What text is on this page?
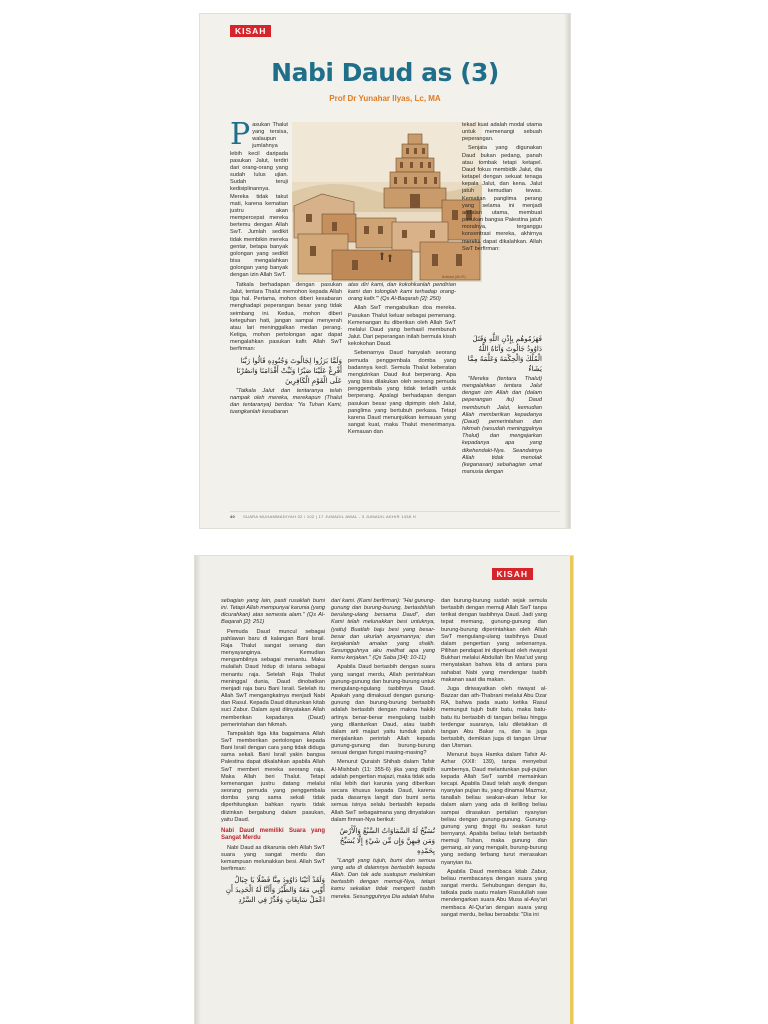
KISAH
Nabi Daud as (3)
Prof Dr Yunahar Ilyas, Lc, MA
ilustrasi (Ah.Ft)

Pasukan Thalut yang tersisa, walaupun jumlahnya lebih kecil daripada pasukan Jalut, terdiri dari orang-orang yang sudah lulus ujian. Sudah teruji kedisiplinannya. Mereka tidak takut mati, karena kematian justru akan mempercepat mereka bertemu dengan Allah SwT. Jumlah sedikit tidak membikin mereka gentar, betapa banyak golongan yang sedikit bisa mengalahkan golongan yang banyak dengan izin Allah SwT.

Tatkala berhadapan dengan pasukan Jalut, tentara Thalut memohon kepada Allah tiga hal. Pertama, mohon diberi kesabaran menghadapi peperangan besar yang tidak seimbang ini. Kedua, mohon diberi keteguhan hati, jangan sampai menyerah atau lari meninggalkan medan perang. Ketiga, mohon pertolongan agar dapat mengalahkan pasukan kafir. Allah SwT berfirman:

وَلَمَّا بَرَزُوا لِجَالُوتَ وَجُنُودِهِ قَالُوا رَبَّنَا أَفْرِغْ عَلَيْنَا صَبْرًا وَثَبِّتْ أَقْدَامَنَا وَانصُرْنَا عَلَى الْقَوْمِ الْكَافِرِينَ

"Tatkala Jalut dan tentaranya telah nampak oleh mereka, merekapun (Thalut dan tentaranya) berdoa: 'Ya Tuhan Kami, tuangkanlah kesabaran

atas diri kami, dan kokohkanlah pendirian kami dan tolonglah kami terhadap orang-orang kafir.'" (Qs Al-Baqarah [2]: 250)

Allah SwT mengabulkan doa mereka. Pasukan Thalut keluar sebagai pemenang. Kemenangan itu diberikan oleh Allah SwT melalui Daud yang berhasil membunuh Jalut. Dari peperangan inilah bermula kisah kekokohan Daud.

Sebenarnya Daud hanyalah seorang pemuda penggembala domba yang badannya kecil. Semula Thalut keberatan mengizinkan Daud ikut berperang. Apa yang bisa dilakukan oleh seorang pemuda penggembala yang tidak terlatih untuk berperang. Apalagi berhadapan dengan pasukan besar yang dipimpin oleh Jalut, panglima yang bertubuh perkasa. Tetapi karena Daud menunjukkan kemauan yang sangat kuat, maka Thalut menerimanya. Kemauan dan

tekad kuat adalah modal utama untuk memenangi sebuah peperangan.

Senjata yang digunakan Daud bukan pedang, panah atau tombak tetapi ketapel. Daud fokus membidik Jalut, dia ketapel dengan sekuat tenaga kepala Jalut, dan kena. Jalut jatuh kemudian tewas. Kematian panglima perang yang selama ini menjadi andalan utama, membuat pasukan bangsa Palestina jatuh moralnya, terganggu konsentrasi mereka, akhirnya mereka dapat dikalahkan. Allah SwT berfirman:

فَهَزَمُوهُم بِإِذْنِ اللَّهِ وَقَتَلَ دَاوُودُ جَالُوتَ وَآتَاهُ اللَّهُ الْمُلْكَ وَالْحِكْمَةَ وَعَلَّمَهُ مِمَّا يَشَاءُ

"Mereka (tentara Thalut) mengalahkan tentara Jalut dengan izin Allah dan (dalam peperangan itu) Daud membunuh Jalut, kemudian Allah memberikan kepadanya (Daud) pemerintahan dan hikmah (sesudah meninggalnya Thalut) dan mengajarkan kepadanya apa yang dikehendaki-Nya. Seandainya Allah tidak menolak (keganasan) sebahagian umat manusia dengan

40 SUARA MUHAMMADIYAH 02 / 102 | 17 JUMADIL AWAL - 3 JUMADIL AKHIR 1438 H
KISAH

sebagian yang lain, pasti rusaklah bumi ini. Tetapi Allah mempunyai karunia (yang dicurahkan) atas semesta alam." (Qs Al-Baqarah [2]: 251)

Pemuda Daud muncul sebagai pahlawan baru di kalangan Bani Israil. Raja Thalut sangat senang dan menyayanginya. Kemudian mengambilnya sebagai menantu. Maka mulailah Daud hidup di istana sebagai menantu raja. Setelah Raja Thalut meninggal dunia, Daud dinobatkan menjadi raja baru Bani Israil. Setelah itu Allah SwT mengangkatnya menjadi Nabi dan Rasul. Kepada Daud diturunkan kitab suci Zabur. Dalam ayat diinyatakan Allah memberikan kepadanya (Daud) pemerintahan dan hikmah.

Tampaklah tiga kita bagaimana Allah SwT memberikan pertolongan kepada Bani Israil dengan cara yang tidak diduga sama sekali. Bani Israil yakin bangsa Palestina dapat dikalahkan apabila Allah SwT memberi mereka seorang raja. Maka Allah beri Thalut. Tetapi kemenangan justru datang melalui seorang pemuda yang penggembala domba yang sama sekali tidak diperhitungkan bahkan nyaris tidak diizinkan bergabung dalam pasukan, yaitu Daud.

Nabi Daud memiliki Suara yang Sangat Merdu

Nabi Daud as dikarunia oleh Allah SwT suara yang sangat merdu dan kemampuan melunakkan besi. Allah SwT berfirman:

وَلَقَدْ آتَيْنَا دَاوُودَ مِنَّا فَضْلًا يَا جِبَالُ أَوِّبِي مَعَهُ وَالطَّيْرَ وَأَلَنَّا لَهُ الْحَدِيدَ أَنِ اعْمَلْ سَابِغَاتٍ وَقَدِّرْ فِي السَّرْدِ

dari kami. (Kami berfirman): "Hai gunung-gunung dan burung-burung, bertasbihlah berulang-ulang bersama Daud", dan Kami telah melunakkan besi untuknya, (yaitu) Buatlah baju besi yang besar-besar dan ukurlah anyamannya; dan kerjakanlah amalan yang shalih. Sesungguhnya aku melihat apa yang kamu kerjakan." (Qs Saba [34]: 10-11)

Apabila Daud bertasbih dengan suara yang sangat merdu, Allah perintahkan gunung-gunung dan burung-burung untuk mengulang-ngulang tasbihnya Daud. Apakah yang dimaksud dengan gunung-gunung dan burung-burung bertasbih adalah bertasbih dengan makna hakiki artinya benar-benar mengulang tasbih yang dilantunkan Daud, atau tasbih dalam arti majazi yaitu tunduk patuh menjalankan perintah Allah kepada gunung-gunung dan burung-burung sesuai dengan fungsi masing-masing?

Menurut Quraish Shihab dalam Tafsir Al-Mishbah (11: 355-6) jika yang dipilih adalah pengertian majazi, maka tidak ada nilai lebih dari karunia yang diberikan secara khusus kepada Daud, karena pada dasarnya langit dan bumi serta semua isinya selalu bertasbih kepada Allah SwT sebagaimana yang dinyatakan dalam firman-Nya berikut:

تُسَبِّحُ لَهُ السَّمَاوَاتُ السَّبْعُ وَالْأَرْضُ وَمَن فِيهِنَّ وَإِن مِّن شَيْءٍ إِلَّا يُسَبِّحُ بِحَمْدِهِ

"Langit yang tujuh, bumi dan semua yang ada di dalamnya bertasbih kepada Allah. Dan tak ada suatupun melainkan bertasbih dengan memuji-Nya, tetapi kamu sekalian tidak mengerti tasbih mereka. Sesungguhnya Dia adalah Maha

dan burung-burung sudah sejak semula bertasbih dengan memuji Allah SwT tanpa terikat dengan tasbihnya Daud. Jadi yang tepat memang, gunung-gunung dan burung-burung diperintahkan oleh Allah SwT mengulang-ulang tasbihnya Daud dalam pengertian yang sebenarnya. Pilihan pendapat ini diperkuat oleh riwayat Bukhari melalui Abdullah Ibn Mas'ud yang menyatakan bahwa kita di antara para sahabat Nabi yang mendengar tasbih makanan saat dia makan.

Juga diriwayatkan oleh riwayat al-Bazzar dan ath-Thabrani melalui Abu Dzar RA, bahwa pada suatu ketika Rasul memungut tujuh butir batu, maka batu-batu itu bertasbih di tangan beliau hingga terdengar suaranya, lalu diletakkan di tangan Abu Bakar ra, dan ia juga bertasbih, demikian juga di tangan Umar dan Utsman.

Menurut buya Hamka dalam Tafsir Al-Azhar (XXII: 139), tanpa menyebut sumbernya, Daud melantunkan puji-pujian kepada Allah SwT sambil memainkan kecapi. Apabila Daud telah asyik dengan nyanyian pujian itu, yang dinamai Mazmur, tanallah beliau seakan-akan lebur ke dalam alam yang ada di keliling beliau sampai dirasakan pertalian nyanyian beliau dengan gunung-gunung. Gunung-gunung yang tinggi itu seakan turut bernyanyi. Apabila beliau telah bertasbih memuji Tuhan, maka gunung dan gemang, air yang mengalir, burung-burung yang sedang terbang turut merasakan nyanyian itu.

Apabila Daud membaca kitab Zabur, beliau membacanya dengan suara yang sangat merdu. Sehubungan dengan itu, tatkala pada suatu malam Rasulullah saw mendengarkan suara Abu Musa al-Asy'ari membaca Al-Qur'an dengan suara yang sangat merdu, beliau bersabda: "Dia ini
